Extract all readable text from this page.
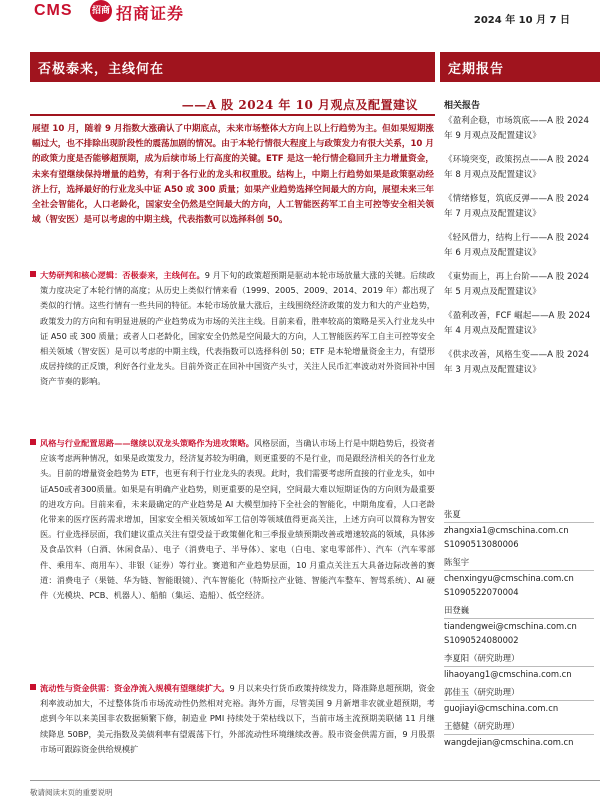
CMS 招商 招商证券	2024 年 10 月 7 日
否极泰来，主线何在
——A 股 2024 年 10 月观点及配置建议
展望 10 月，随着 9 月指数大涨确认了中期底点，未来市场整体大方向上以上行趋势为主。但如果短期涨幅过大，也不排除出现阶段性的震荡加剧的情况。由于本轮行情很大程度上与政策发力有很大关系，10 月的政策力度是否能够超预期，成为后续市场上行高度的关键。ETF 是这一轮行情企稳回升主力增量资金，未来有望继续保持增量的趋势，有利于各行业的龙头和权重股。结构上，中期上行趋势如果是政策驱动经济上行，选择最好的行业龙头中证 A50 或 300 质量；如果产业趋势选择空间最大的方向，展望未来三年全社会智能化，人口老龄化，国家安全仍然是空间最大的方向，人工智能医药军工自主可控等安全相关领域（智安医）是可以考虑的中期主线，代表指数可以选择科创 50。
大势研判和核心逻辑：否极泰来，主线何在。9 月下旬的政策超预期是驱动本轮市场放量大涨的关键。后续政策力度决定了本轮行情的高度；从历史上类似行情来看（1999、2005、2009、2014、2019 年）都出现了类似的行情。这些行情有一些共同的特征。本轮市场放量大涨后，主线围绕经济政策的发力和大的产业趋势，政策发力的方向和有明显进展的产业趋势成为市场的关注主线。目前来看，胜率较高的策略是买入行业龙头中证 A50 或 300 质量；或者人口老龄化，国家安全仍然是空间最大的方向，人工智能医药军工自主可控等安全相关领域（智安医）是可以考虑的中期主线，代表指数可以选择科创 50；ETF 是本轮增量资金主力，有望形成居持续的正反馈，利好各行业龙头。目前外资正在回补中国资产头寸，关注人民币汇率波动对外资回补中国资产节奏的影响。
风格与行业配置思路——继续以双龙头策略作为进攻策略。风格层面，当确认市场上行是中期趋势后，投资者应该考虑两种情况，如果是政策发力，经济复苏较为明确，则更重要的不是行业，而是跟经济相关的各行业龙头。目前的增量资金趋势为 ETF，也更有利于行业龙头的表现。此时，我们需要考虑所直接的行业龙头，如中证A50或者300质量。如果是有明确产业趋势，则更重要的是空间，空间最大难以短期证伪的方向则为最重要的进攻方向。目前来看，未来最确定的产业趋势是 AI 大模型加持下全社会的智能化，中期角度看，人口老龄化带来的医疗医药需求增加，国家安全相关领域如军工信创等领域值得更高关注，上述方向可以简称为智安医。行业选择层面，我们建议重点关注有望受益于政策催化和三季报业绩预期改善或增速较高的领域，具体涉及食品饮料（白酒、休闲食品）、电子（消费电子、半导体）、家电（白电、家电零部件）、汽车（汽车零部件、乘用车、商用车）、非银（证券）等行业。赛道和产业趋势层面，10 月重点关注五大具备边际改善的赛道：消费电子（果链、华为链、智能眼镜）、汽车智能化（特斯拉产业链、智能汽车整车、智驾系统）、AI 硬件（光模块、PCB、机器人）、船舶（集运、造船）、低空经济。
流动性与资金供需：资金净流入规模有望继续扩大。9 月以来央行货币政策持续发力，降准降息超预期，资金利率波动加大，不过整体货币市场流动性仍然相对充裕。海外方面，尽管美国 9 月新增非农就业超预期，考虑到今年以来美国非农数据频繁下修，制造业 PMI 持续处于荣枯线以下，当前市场主流预期美联储 11 月继续降息 50BP，美元指数及美债利率有望震荡下行，外部流动性环境继续改善。股市资金供需方面，9 月股票市场可跟踪资金供给规模扩
定期报告
相关报告
《盈利企稳，市场筑底——A 股 2024 年 9 月观点及配置建议》
《环境突变，政策拐点——A 股 2024 年 8 月观点及配置建议》
《情绪修复，筑底反弹——A 股 2024 年 7 月观点及配置建议》
《轻风借力，结构上行——A 股 2024 年 6 月观点及配置建议》
《東势而上，再上台阶——A 股 2024 年 5 月观点及配置建议》
《盈利改善，FCF 崛起——A 股 2024 年 4 月观点及配置建议》
《供求改善，风格生变——A 股 2024 年 3 月观点及配置建议》
张夏
zhangxia1@cmschina.com.cn
S1090513080006
陈玺宇
chenxingyu@cmschina.com.cn
S1090522070004
田登巍
tiandengwei@cmschina.com.cn
S1090524080002
李夏阳（研究助理）
lihaoyang1@cmschina.com.cn
郭佳玉（研究助理）
guojiayi@cmschina.com.cn
王德健（研究助理）
wangdejian@cmschina.com.cn
敬请阅读末页的重要说明
